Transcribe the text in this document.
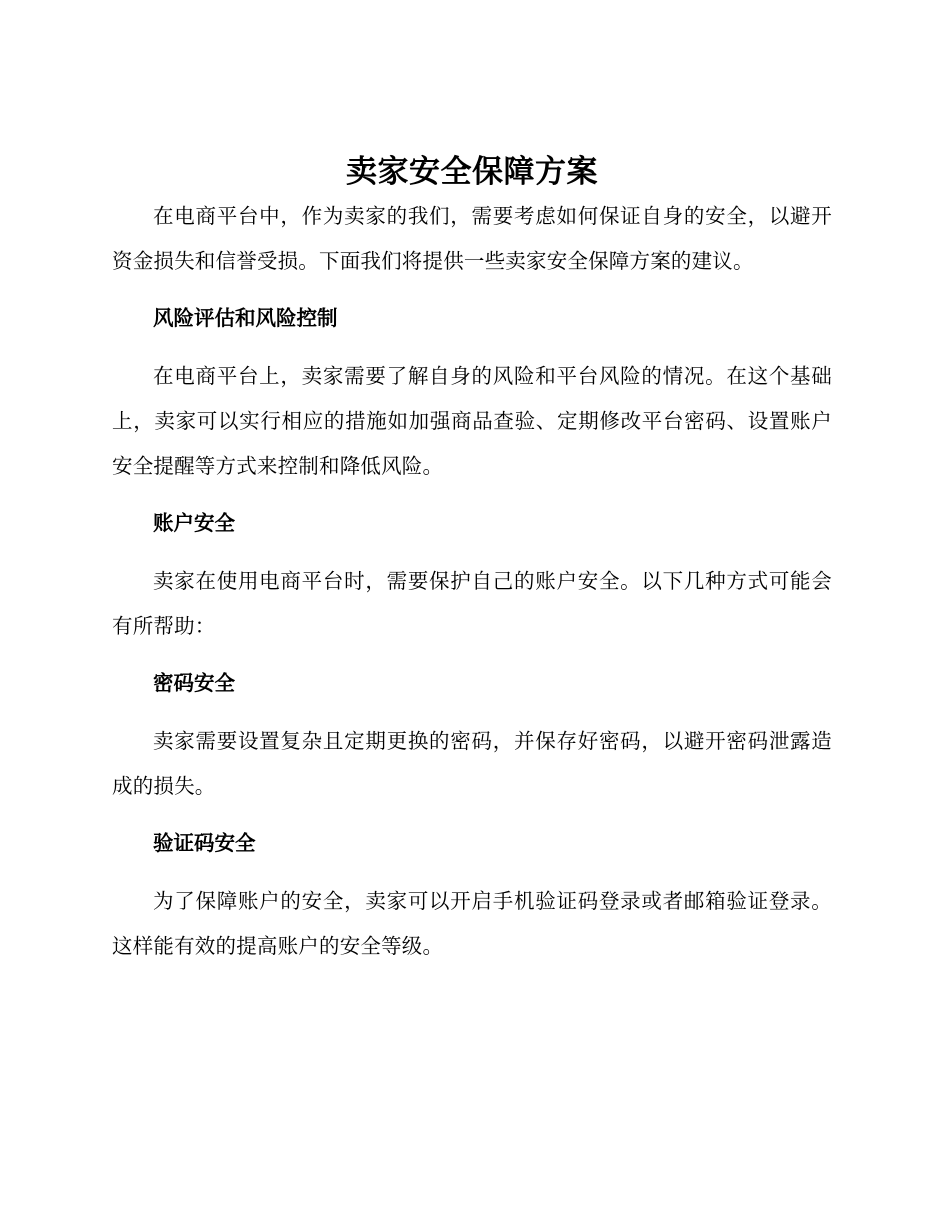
卖家安全保障方案

在电商平台中，作为卖家的我们，需要考虑如何保证自身的安全，以避开资金损失和信誉受损。下面我们将提供一些卖家安全保障方案的建议。

风险评估和风险控制

在电商平台上，卖家需要了解自身的风险和平台风险的情况。在这个基础上，卖家可以实行相应的措施如加强商品查验、定期修改平台密码、设置账户安全提醒等方式来控制和降低风险。

账户安全

卖家在使用电商平台时，需要保护自己的账户安全。以下几种方式可能会有所帮助：

密码安全

卖家需要设置复杂且定期更换的密码，并保存好密码，以避开密码泄露造成的损失。

验证码安全

为了保障账户的安全，卖家可以开启手机验证码登录或者邮箱验证登录。这样能有效的提高账户的安全等级。
